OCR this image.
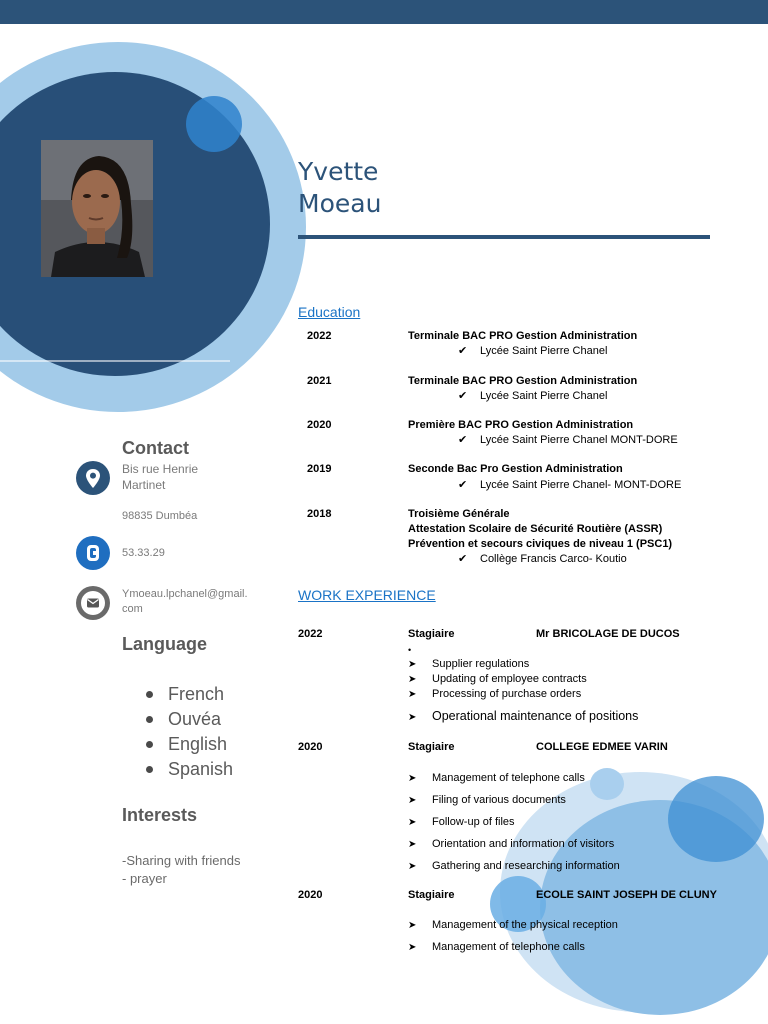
Yvette
Moeau
Education
2022	Terminale BAC PRO Gestion Administration
✔ Lycée Saint Pierre Chanel
2021	Terminale BAC PRO Gestion Administration
✔ Lycée Saint Pierre Chanel
2020	Première BAC PRO Gestion Administration
✔ Lycée Saint Pierre Chanel MONT-DORE
2019	Seconde Bac Pro Gestion Administration
✔ Lycée Saint Pierre Chanel- MONT-DORE
2018	Troisième Générale
Attestation Scolaire de Sécurité Routière (ASSR)
Prévention et secours civiques de niveau 1 (PSC1)
✔ Collège Francis Carco- Koutio
WORK EXPERIENCE
2022	Stagiaire	Mr BRICOLAGE DE DUCOS
•
➤ Supplier regulations
➤ Updating of employee contracts
➤ Processing of purchase orders
➤ Operational maintenance of positions
2020	Stagiaire	COLLEGE EDMEE VARIN
➤ Management of telephone calls
➤ Filing of various documents
➤ Follow-up of files
➤ Orientation and information of visitors
➤ Gathering and researching information
2020	Stagiaire	ECOLE SAINT JOSEPH DE CLUNY
➤ Management of the physical reception
➤ Management of telephone calls
Contact
Bis rue Henrie
Martinet
98835 Dumbéa
53.33.29
Ymoeau.lpchanel@gmail.
com
Language
French
Ouvéa
English
Spanish
Interests
-Sharing with friends
- prayer
